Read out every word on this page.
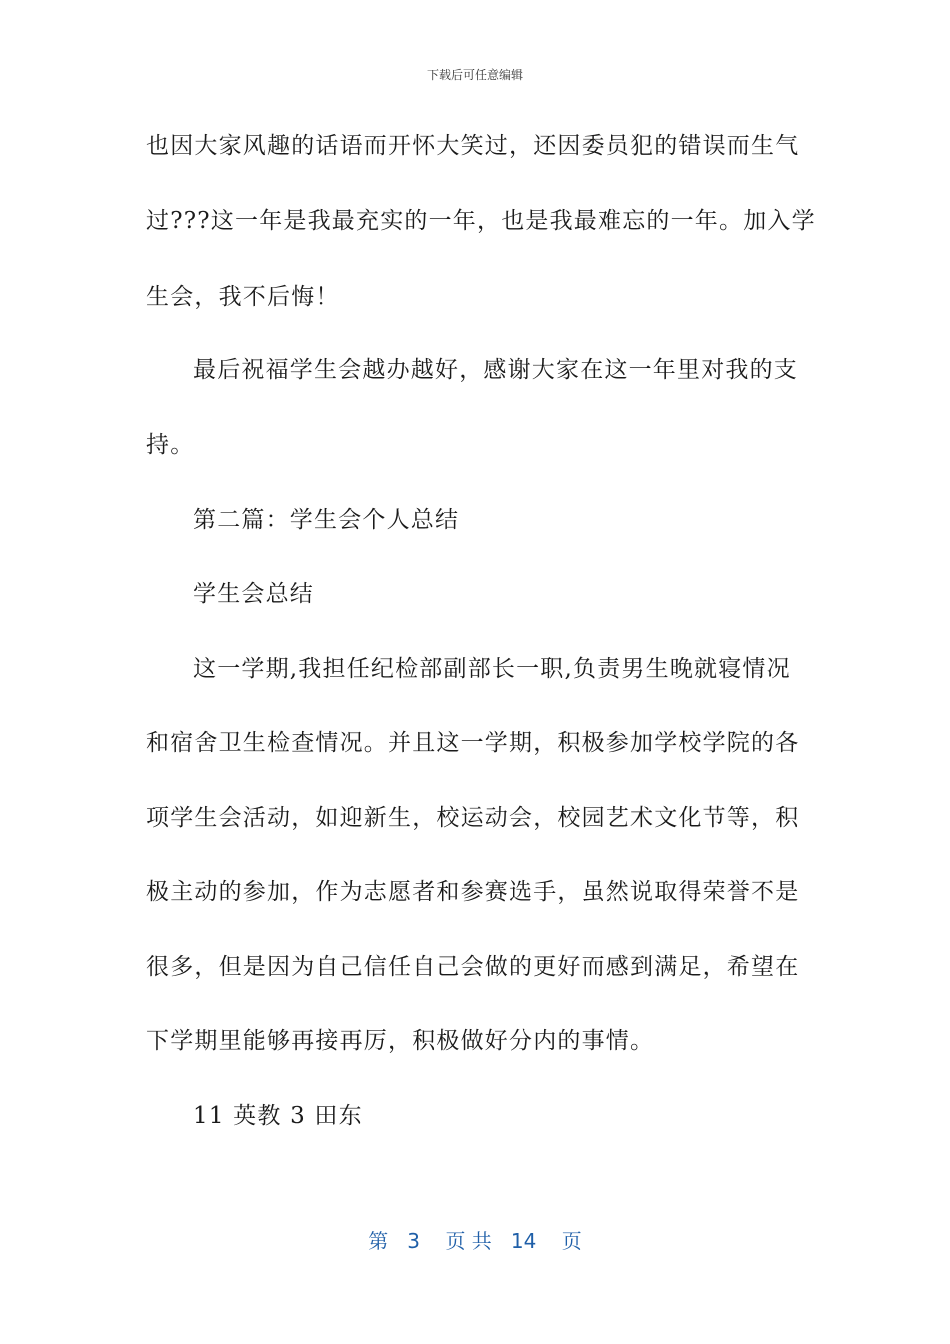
下载后可任意编辑
也因大家风趣的话语而开怀大笑过，还因委员犯的错误而生气
过???这一年是我最充实的一年，也是我最难忘的一年。加入学
生会，我不后悔！
最后祝福学生会越办越好，感谢大家在这一年里对我的支
持。
第二篇：学生会个人总结
学生会总结
这一学期,我担任纪检部副部长一职,负责男生晚就寝情况
和宿舍卫生检查情况。并且这一学期，积极参加学校学院的各
项学生会活动，如迎新生，校运动会，校园艺术文化节等，积
极主动的参加，作为志愿者和参赛选手，虽然说取得荣誉不是
很多，但是因为自己信任自己会做的更好而感到满足，希望在
下学期里能够再接再厉，积极做好分内的事情。
11 英教 3 田东
第   3    页 共   14    页
